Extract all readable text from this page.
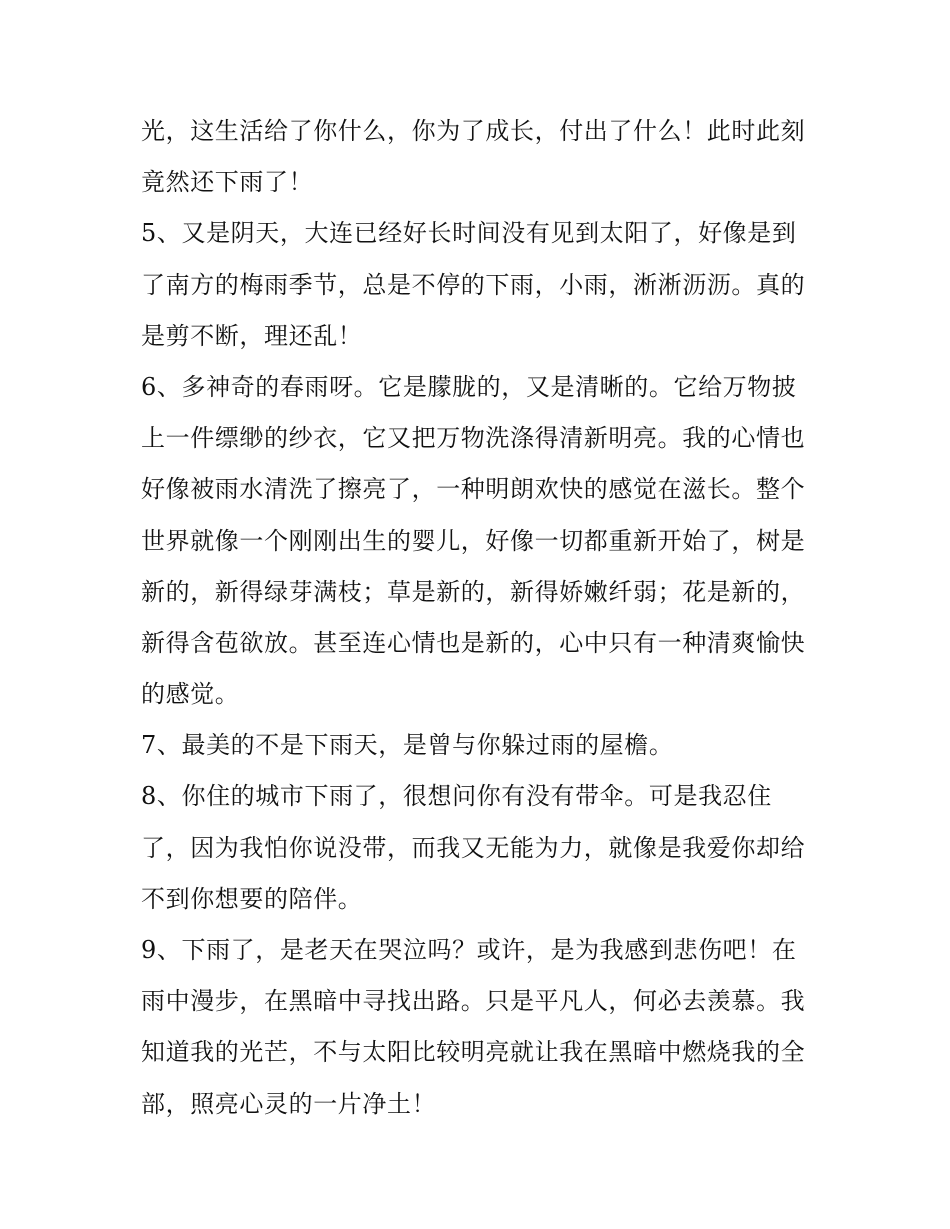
光，这生活给了你什么，你为了成长，付出了什么！此时此刻
竟然还下雨了！
5、又是阴天，大连已经好长时间没有见到太阳了，好像是到
了南方的梅雨季节，总是不停的下雨，小雨，淅淅沥沥。真的
是剪不断，理还乱！
6、多神奇的春雨呀。它是朦胧的，又是清晰的。它给万物披
上一件缥缈的纱衣，它又把万物洗涤得清新明亮。我的心情也
好像被雨水清洗了擦亮了，一种明朗欢快的感觉在滋长。整个
世界就像一个刚刚出生的婴儿，好像一切都重新开始了，树是
新的，新得绿芽满枝；草是新的，新得娇嫩纤弱；花是新的，
新得含苞欲放。甚至连心情也是新的，心中只有一种清爽愉快
的感觉。
7、最美的不是下雨天，是曾与你躲过雨的屋檐。
8、你住的城市下雨了，很想问你有没有带伞。可是我忍住
了，因为我怕你说没带，而我又无能为力，就像是我爱你却给
不到你想要的陪伴。
9、下雨了，是老天在哭泣吗？或许，是为我感到悲伤吧！在
雨中漫步，在黑暗中寻找出路。只是平凡人，何必去羡慕。我
知道我的光芒，不与太阳比较明亮就让我在黑暗中燃烧我的全
部，照亮心灵的一片净土！
